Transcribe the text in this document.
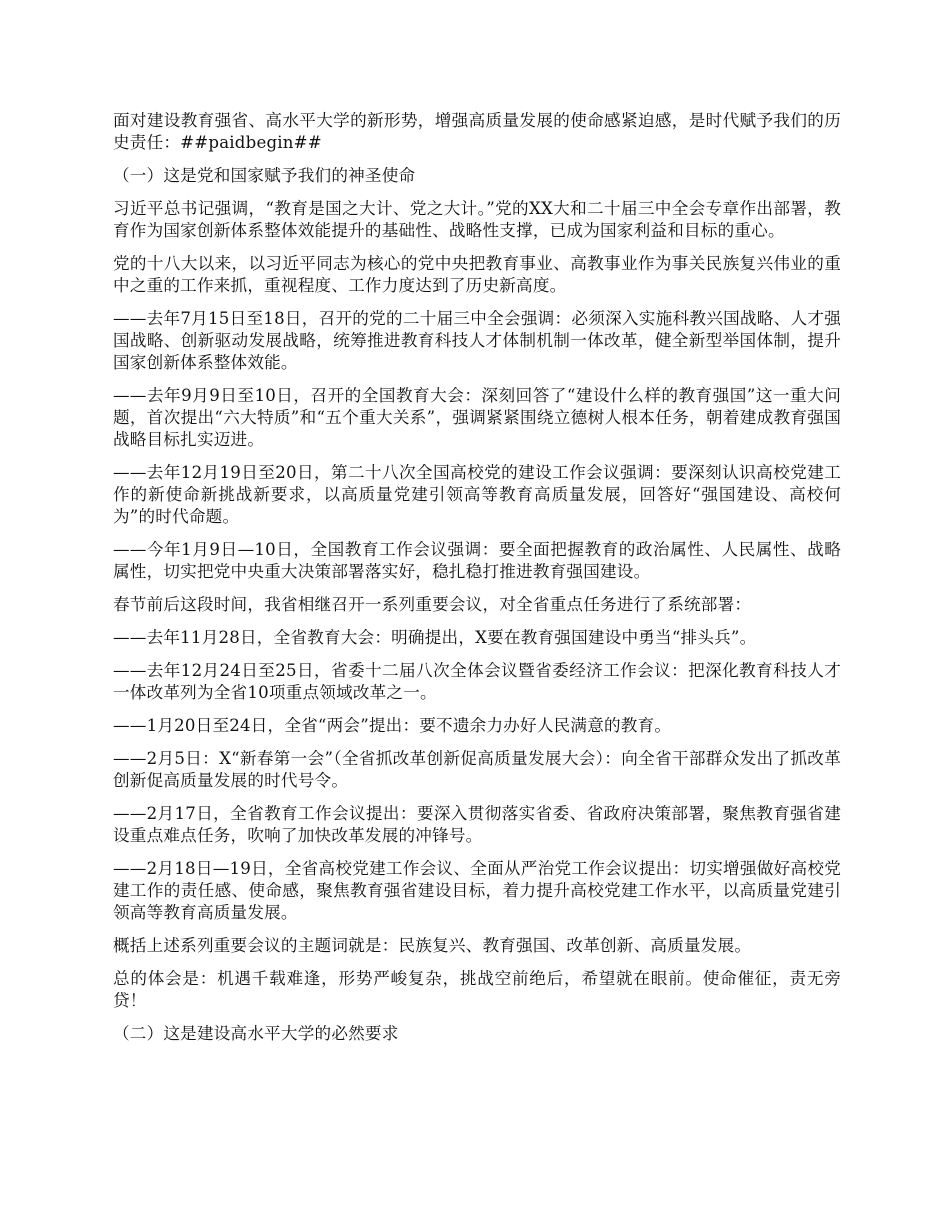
面对建设教育强省、高水平大学的新形势，增强高质量发展的使命感紧迫感，是时代赋予我们的历史责任：##paidbegin##

（一）这是党和国家赋予我们的神圣使命

习近平总书记强调，“教育是国之大计、党之大计。”党的XX大和二十届三中全会专章作出部署，教育作为国家创新体系整体效能提升的基础性、战略性支撑，已成为国家利益和目标的重心。

党的十八大以来，以习近平同志为核心的党中央把教育事业、高教事业作为事关民族复兴伟业的重中之重的工作来抓，重视程度、工作力度达到了历史新高度。

——去年7月15日至18日，召开的党的二十届三中全会强调：必须深入实施科教兴国战略、人才强国战略、创新驱动发展战略，统筹推进教育科技人才体制机制一体改革，健全新型举国体制，提升国家创新体系整体效能。

——去年9月9日至10日，召开的全国教育大会：深刻回答了“建设什么样的教育强国”这一重大问题，首次提出“六大特质”和“五个重大关系”，强调紧紧围绕立德树人根本任务，朝着建成教育强国战略目标扎实迈进。

——去年12月19日至20日，第二十八次全国高校党的建设工作会议强调：要深刻认识高校党建工作的新使命新挑战新要求，以高质量党建引领高等教育高质量发展，回答好“强国建设、高校何为”的时代命题。

——今年1月9日—10日，全国教育工作会议强调：要全面把握教育的政治属性、人民属性、战略属性，切实把党中央重大决策部署落实好，稳扎稳打推进教育强国建设。

春节前后这段时间，我省相继召开一系列重要会议，对全省重点任务进行了系统部署：

——去年11月28日，全省教育大会：明确提出，X要在教育强国建设中勇当“排头兵”。

——去年12月24日至25日，省委十二届八次全体会议暨省委经济工作会议：把深化教育科技人才一体改革列为全省10项重点领域改革之一。

——1月20日至24日，全省“两会”提出：要不遗余力办好人民满意的教育。

——2月5日：X“新春第一会”（全省抓改革创新促高质量发展大会）：向全省干部群众发出了抓改革创新促高质量发展的时代号令。

——2月17日，全省教育工作会议提出：要深入贯彻落实省委、省政府决策部署，聚焦教育强省建设重点难点任务，吹响了加快改革发展的冲锋号。

——2月18日—19日，全省高校党建工作会议、全面从严治党工作会议提出：切实增强做好高校党建工作的责任感、使命感，聚焦教育强省建设目标，着力提升高校党建工作水平，以高质量党建引领高等教育高质量发展。

概括上述系列重要会议的主题词就是：民族复兴、教育强国、改革创新、高质量发展。

总的体会是：机遇千载难逢，形势严峻复杂，挑战空前绝后，希望就在眼前。使命催征，责无旁贷！

（二）这是建设高水平大学的必然要求
